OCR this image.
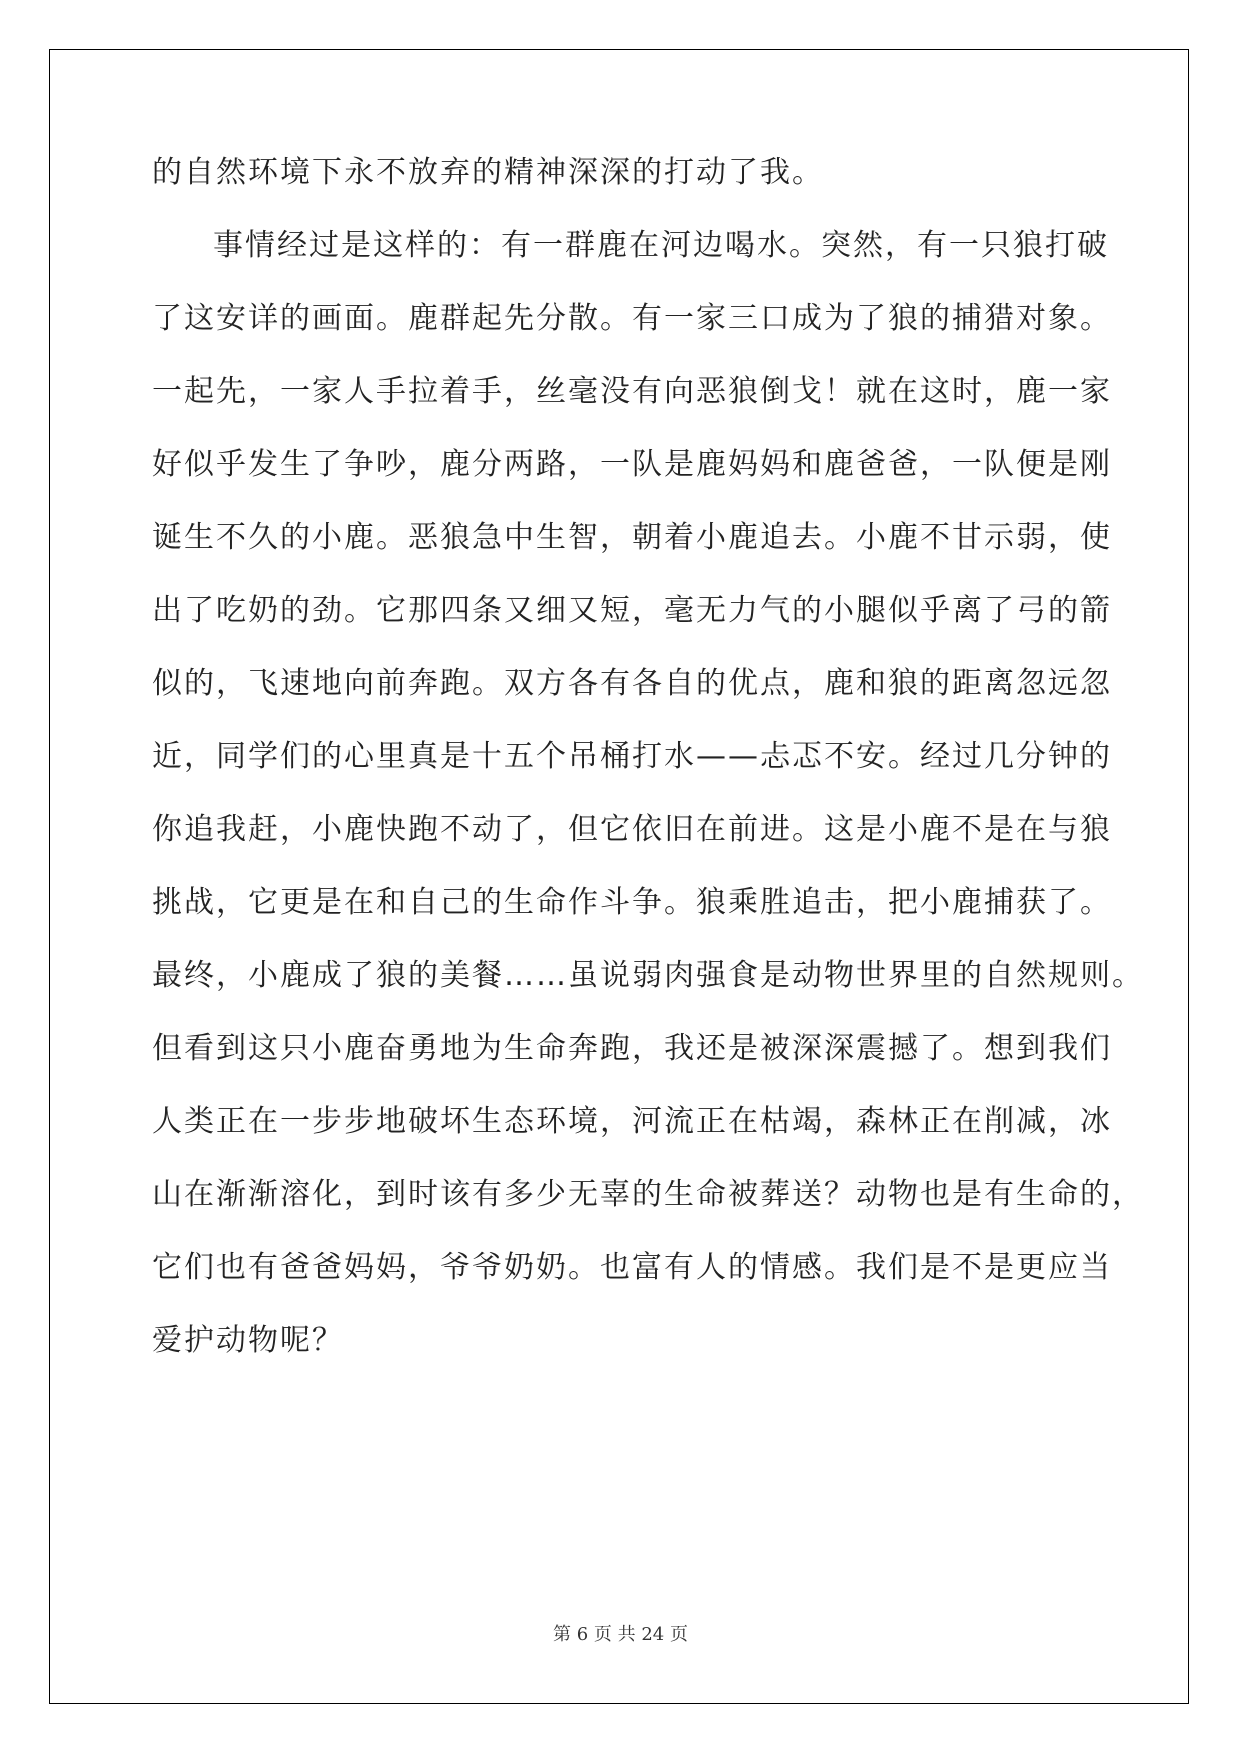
的自然环境下永不放弃的精神深深的打动了我。
事情经过是这样的：有一群鹿在河边喝水。突然，有一只狼打破
了这安详的画面。鹿群起先分散。有一家三口成为了狼的捕猎对象。
一起先，一家人手拉着手，丝毫没有向恶狼倒戈！就在这时，鹿一家
好似乎发生了争吵，鹿分两路，一队是鹿妈妈和鹿爸爸，一队便是刚
诞生不久的小鹿。恶狼急中生智，朝着小鹿追去。小鹿不甘示弱，使
出了吃奶的劲。它那四条又细又短，毫无力气的小腿似乎离了弓的箭
似的，飞速地向前奔跑。双方各有各自的优点，鹿和狼的距离忽远忽
近，同学们的心里真是十五个吊桶打水——忐忑不安。经过几分钟的
你追我赶，小鹿快跑不动了，但它依旧在前进。这是小鹿不是在与狼
挑战，它更是在和自己的生命作斗争。狼乘胜追击，把小鹿捕获了。
最终，小鹿成了狼的美餐……虽说弱肉强食是动物世界里的自然规则。
但看到这只小鹿奋勇地为生命奔跑，我还是被深深震撼了。想到我们
人类正在一步步地破坏生态环境，河流正在枯竭，森林正在削减，冰
山在渐渐溶化，到时该有多少无辜的生命被葬送？动物也是有生命的，
它们也有爸爸妈妈，爷爷奶奶。也富有人的情感。我们是不是更应当
爱护动物呢？
第 6 页 共 24 页
